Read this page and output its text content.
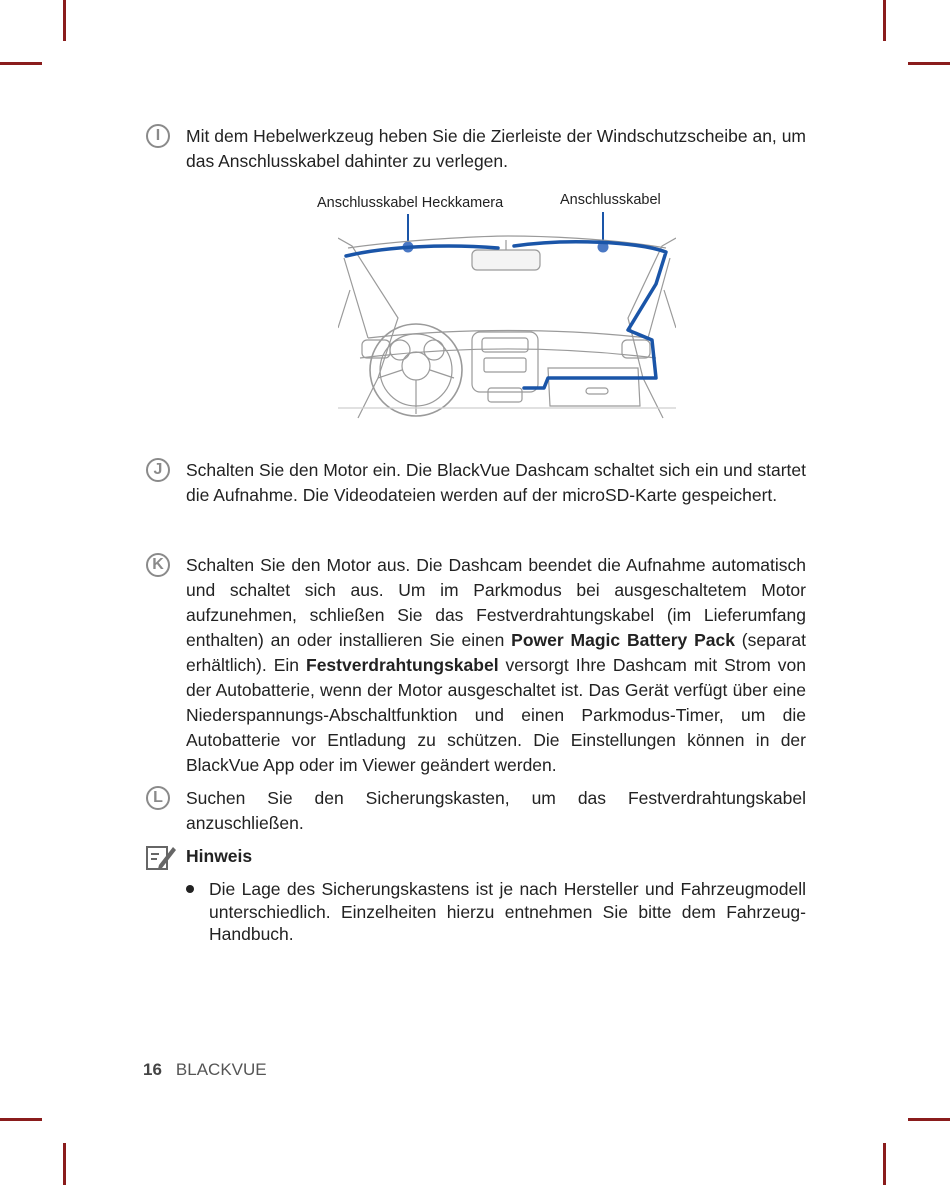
I	Mit dem Hebelwerkzeug heben Sie die Zierleiste der Windschutzscheibe an, um das Anschlusskabel dahinter zu verlegen.
Anschlusskabel Heckkamera	Anschlusskabel
J	Schalten Sie den Motor ein. Die BlackVue Dashcam schaltet sich ein und startet die Aufnahme. Die Videodateien werden auf der microSD-Karte gespeichert.
K	Schalten Sie den Motor aus. Die Dashcam beendet die Aufnahme automatisch und schaltet sich aus. Um im Parkmodus bei ausgeschaltetem Motor aufzunehmen, schließen Sie das Festverdrahtungskabel (im Lieferumfang enthalten) an oder installieren Sie einen Power Magic Battery Pack (separat erhältlich). Ein Festverdrahtungskabel versorgt Ihre Dashcam mit Strom von der Autobatterie, wenn der Motor ausgeschaltet ist. Das Gerät verfügt über eine Niederspannungs-Abschaltfunktion und einen Parkmodus-Timer, um die Autobatterie vor Entladung zu schützen. Die Einstellungen können in der BlackVue App oder im Viewer geändert werden.
L	Suchen Sie den Sicherungskasten, um das Festverdrahtungskabel anzuschließen.
Hinweis
Die Lage des Sicherungskastens ist je nach Hersteller und Fahrzeugmodell unterschiedlich. Einzelheiten hierzu entnehmen Sie bitte dem Fahrzeug-Handbuch.
16 BLACKVUE
